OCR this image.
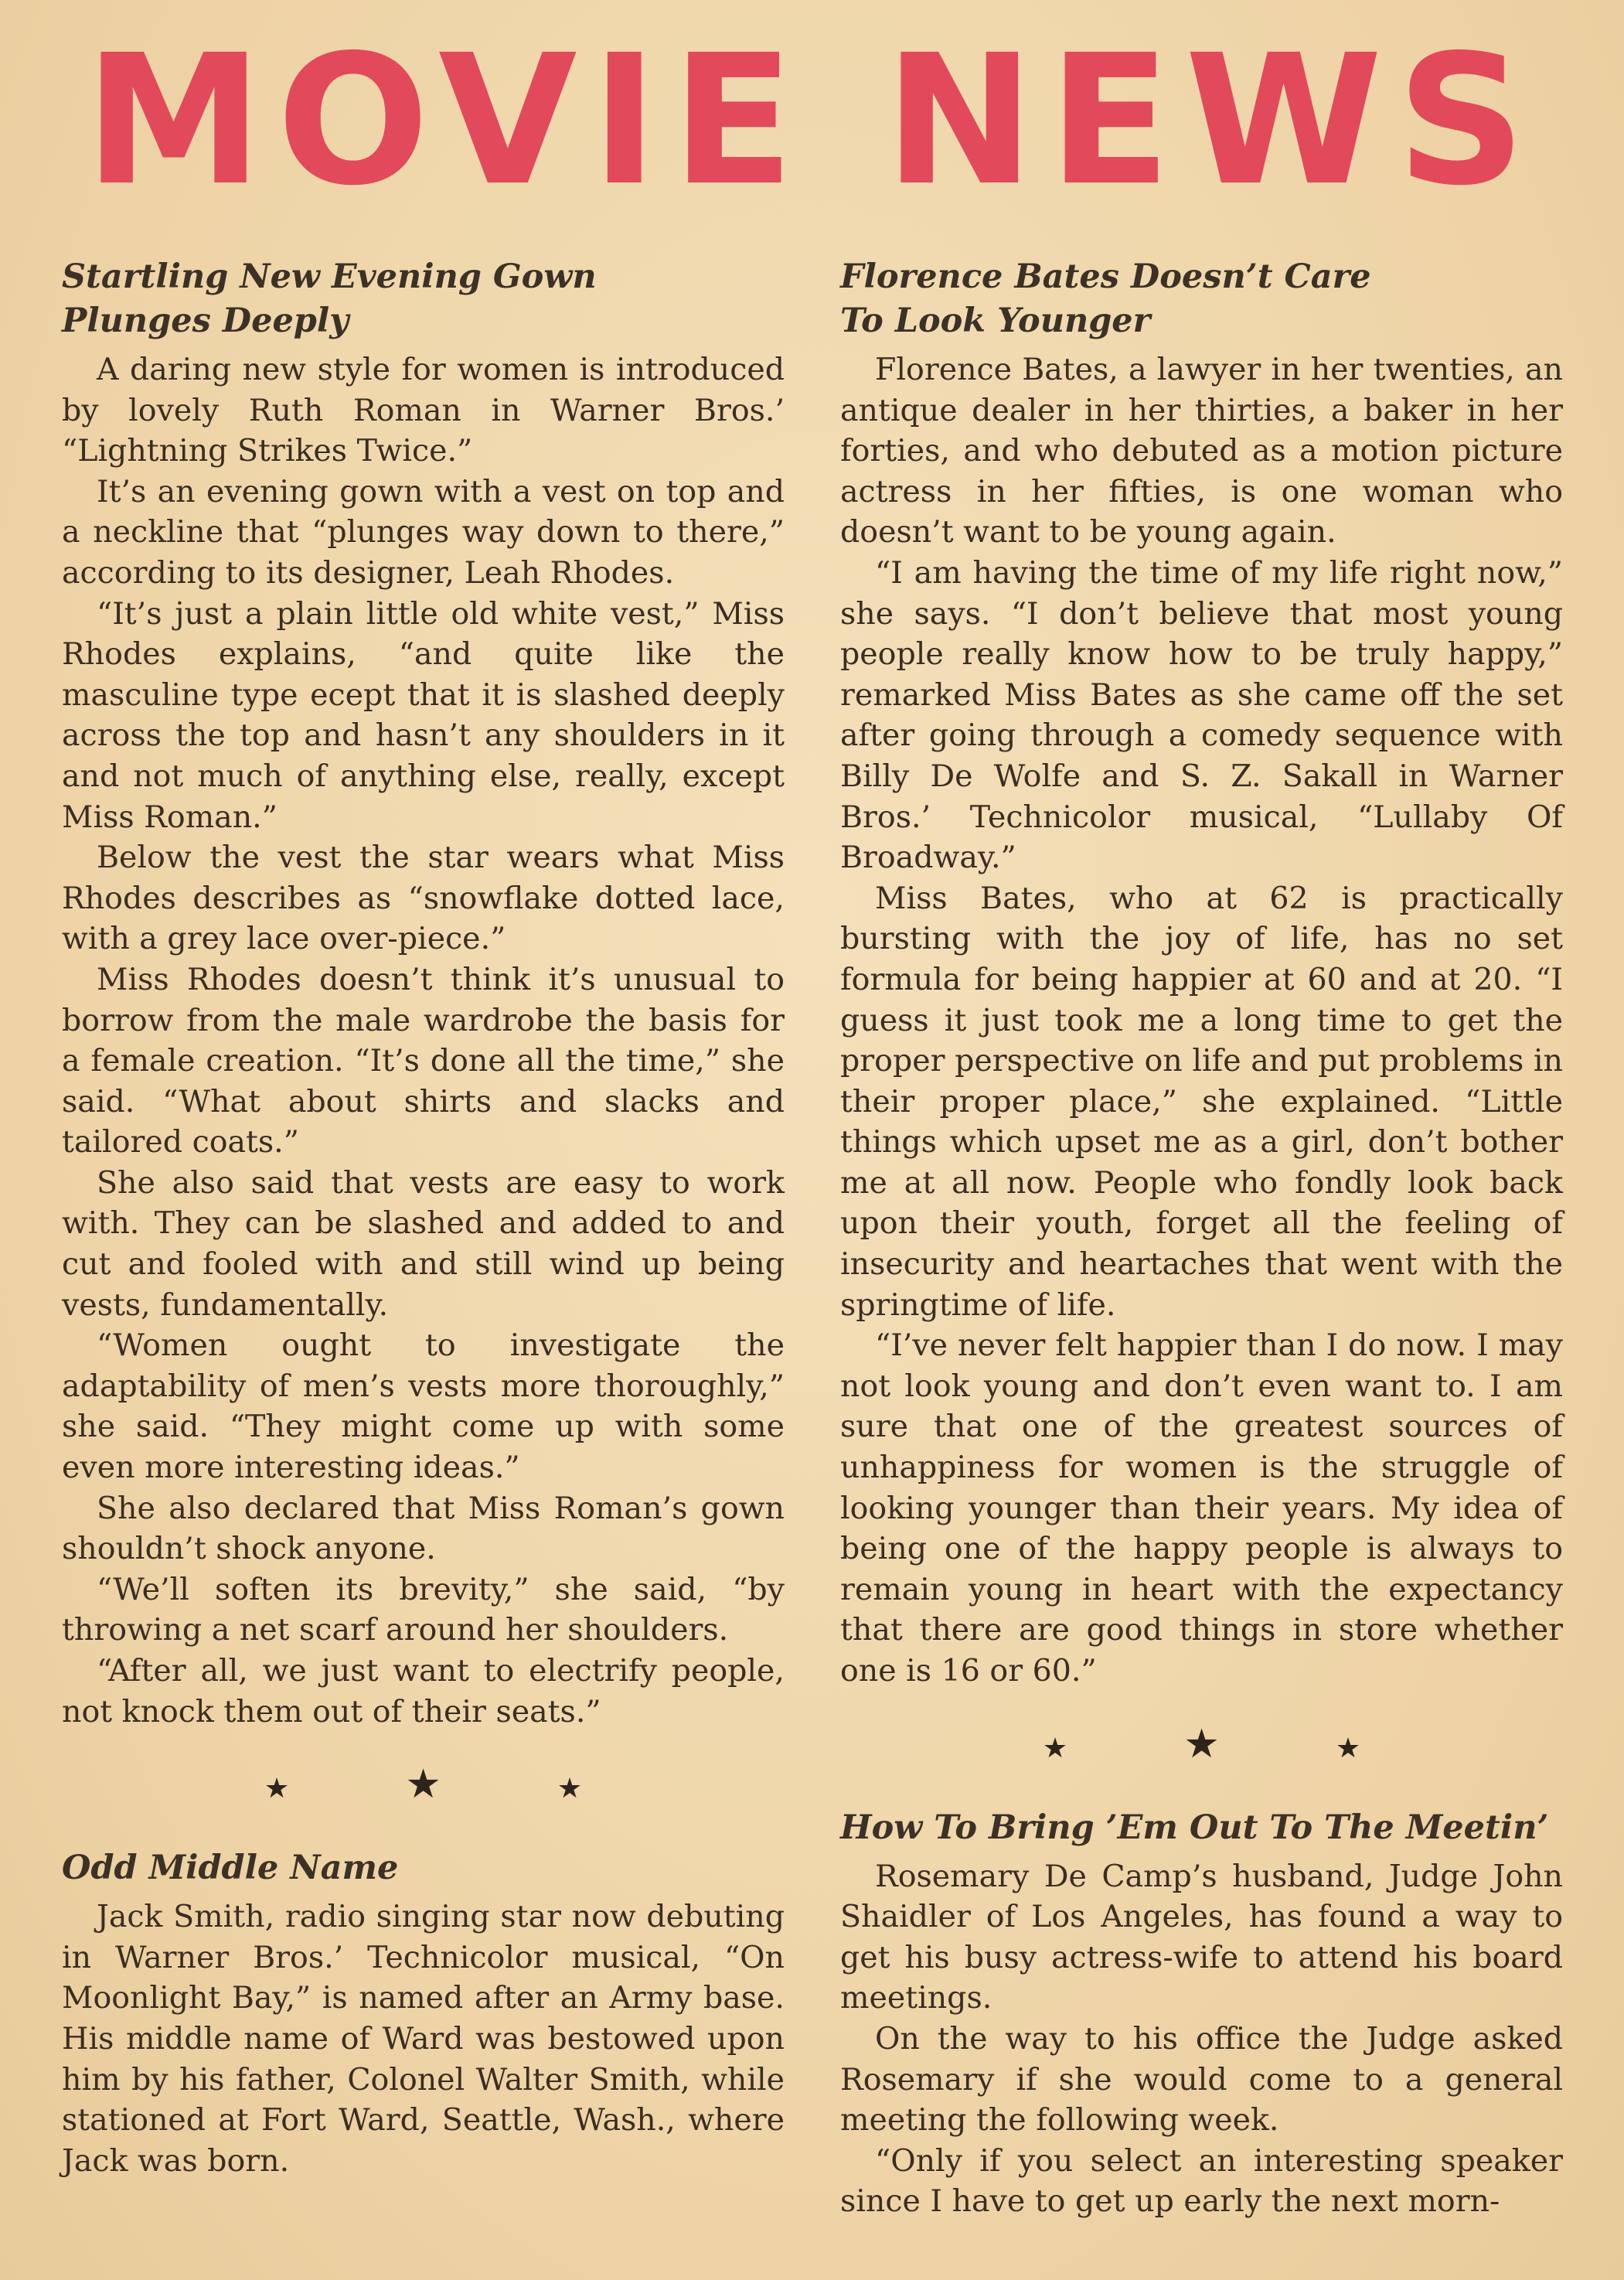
MOVIE NEWS
Startling New Evening Gown
Plunges Deeply

A daring new style for women is introduced by lovely Ruth Roman in Warner Bros.’ “Lightning Strikes Twice.”

It’s an evening gown with a vest on top and a neckline that “plunges way down to there,” according to its designer, Leah Rhodes.

“It’s just a plain little old white vest,” Miss Rhodes explains, “and quite like the masculine type ecept that it is slashed deeply across the top and hasn’t any shoulders in it and not much of anything else, really, except Miss Roman.”

Below the vest the star wears what Miss Rhodes describes as “snowflake dotted lace, with a grey lace over-piece.”

Miss Rhodes doesn’t think it’s unusual to borrow from the male wardrobe the basis for a female creation. “It’s done all the time,” she said. “What about shirts and slacks and tailored coats.”

She also said that vests are easy to work with. They can be slashed and added to and cut and fooled with and still wind up being vests, fundamentally.

“Women ought to investigate the adaptability of men’s vests more thoroughly,” she said. “They might come up with some even more interesting ideas.”

She also declared that Miss Roman’s gown shouldn’t shock anyone.

“We’ll soften its brevity,” she said, “by throwing a net scarf around her shoulders.

“After all, we just want to electrify people, not knock them out of their seats.”

★★★
Odd Middle Name

Jack Smith, radio singing star now debuting in Warner Bros.’ Technicolor musical, “On Moonlight Bay,” is named after an Army base. His middle name of Ward was bestowed upon him by his father, Colonel Walter Smith, while stationed at Fort Ward, Seattle, Wash., where Jack was born.

Florence Bates Doesn’t Care
To Look Younger

Florence Bates, a lawyer in her twenties, an antique dealer in her thirties, a baker in her forties, and who debuted as a motion picture actress in her fifties, is one woman who doesn’t want to be young again.

“I am having the time of my life right now,” she says. “I don’t believe that most young people really know how to be truly happy,” remarked Miss Bates as she came off the set after going through a comedy sequence with Billy De Wolfe and S. Z. Sakall in Warner Bros.’ Technicolor musical, “Lullaby Of Broadway.”

Miss Bates, who at 62 is practically bursting with the joy of life, has no set formula for being happier at 60 and at 20. “I guess it just took me a long time to get the proper perspective on life and put problems in their proper place,” she explained. “Little things which upset me as a girl, don’t bother me at all now. People who fondly look back upon their youth, forget all the feeling of insecurity and heartaches that went with the springtime of life.

“I’ve never felt happier than I do now. I may not look young and don’t even want to. I am sure that one of the greatest sources of unhappiness for women is the struggle of looking younger than their years. My idea of being one of the happy people is always to remain young in heart with the expectancy that there are good things in store whether one is 16 or 60.”

★★★
How To Bring ’Em Out To The Meetin’

Rosemary De Camp’s husband, Judge John Shaidler of Los Angeles, has found a way to get his busy actress-wife to attend his board meetings.

On the way to his office the Judge asked Rosemary if she would come to a general meeting the following week.

“Only if you select an interesting speaker since I have to get up early the next morn-
